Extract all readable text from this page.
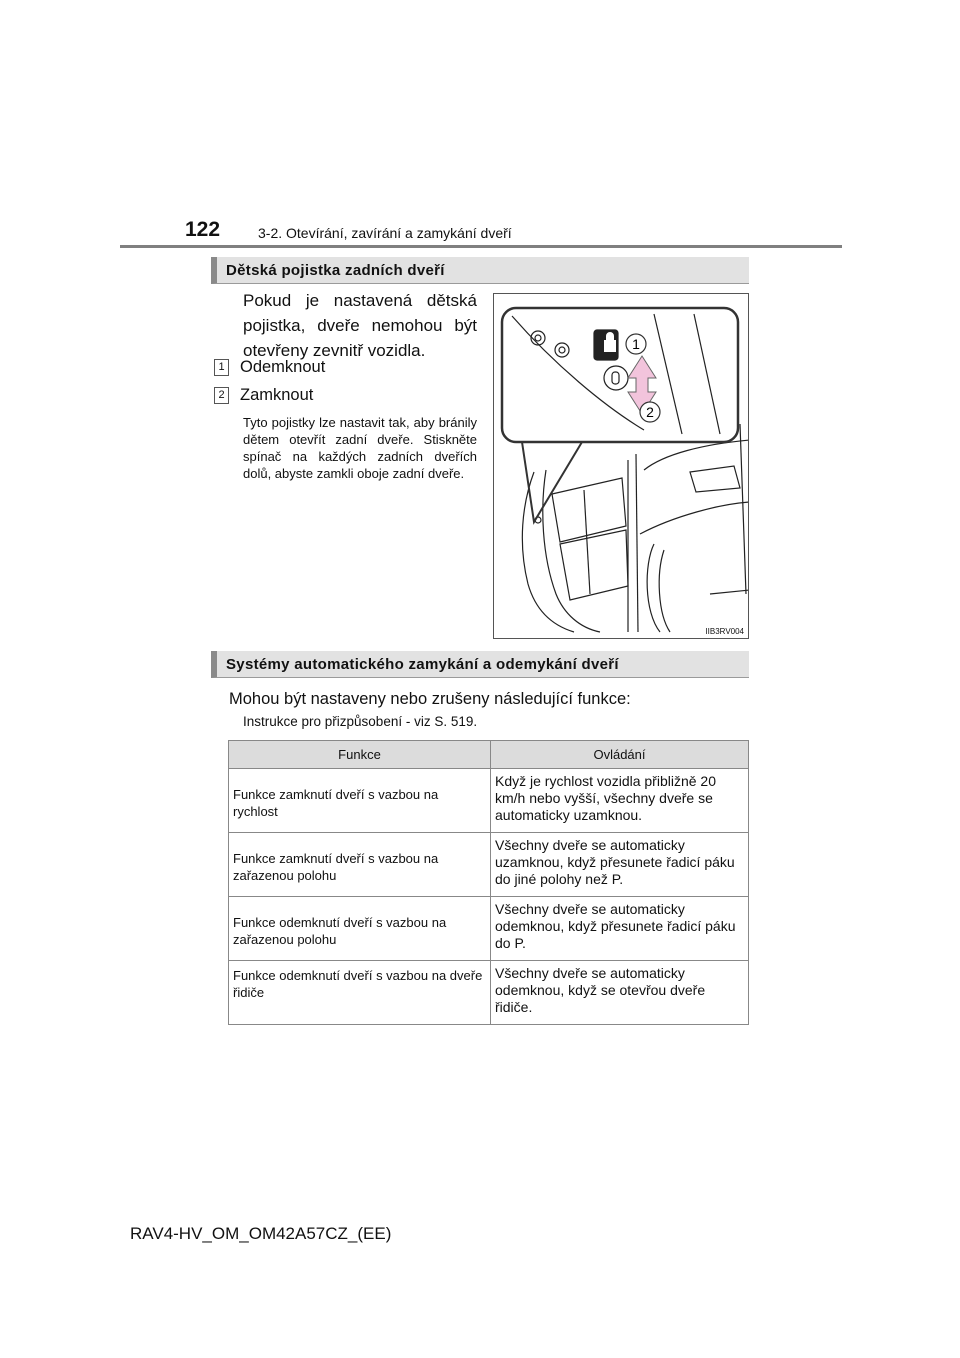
122	3-2. Otevírání, zavírání a zamykání dveří
Dětská pojistka zadních dveří
Pokud je nastavená dětská pojistka, dveře nemohou být otevřeny zevnitř vozidla.
1 Odemknout
2 Zamknout
Tyto pojistky lze nastavit tak, aby bránily dětem otevřít zadní dveře. Stiskněte spínač na každých zadních dveřích dolů, abyste zamkli oboje zadní dveře.
1
2
IIB3RV004
Systémy automatického zamykání a odemykání dveří
Mohou být nastaveny nebo zrušeny následující funkce:
Instrukce pro přizpůsobení - viz S. 519.
Funkce	Ovládání
Funkce zamknutí dveří s vazbou na rychlost	Když je rychlost vozidla přibližně 20 km/h nebo vyšší, všechny dveře se automaticky uzamknou.
Funkce zamknutí dveří s vazbou na zařazenou polohu	Všechny dveře se automaticky uzamknou, když přesunete řadicí páku do jiné polohy než P.
Funkce odemknutí dveří s vazbou na zařazenou polohu	Všechny dveře se automaticky odemknou, když přesunete řadicí páku do P.
Funkce odemknutí dveří s vazbou na dveře řidiče	Všechny dveře se automaticky odemknou, když se otevřou dveře řidiče.
RAV4-HV_OM_OM42A57CZ_(EE)
